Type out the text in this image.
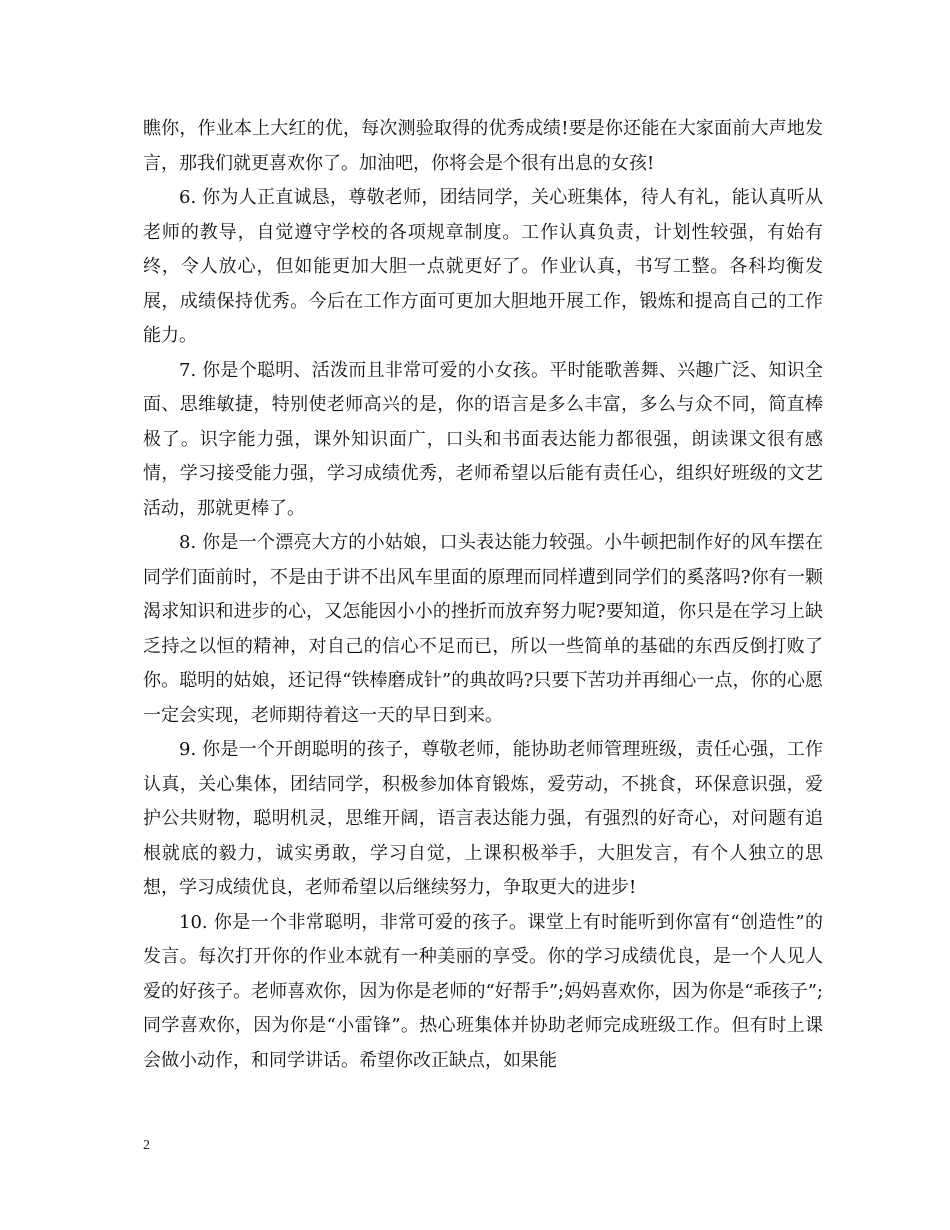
瞧你，作业本上大红的优，每次测验取得的优秀成绩!要是你还能在大家面前大声地发言，那我们就更喜欢你了。加油吧，你将会是个很有出息的女孩!

6. 你为人正直诚恳，尊敬老师，团结同学，关心班集体，待人有礼，能认真听从老师的教导，自觉遵守学校的各项规章制度。工作认真负责，计划性较强，有始有终，令人放心，但如能更加大胆一点就更好了。作业认真，书写工整。各科均衡发展，成绩保持优秀。今后在工作方面可更加大胆地开展工作，锻炼和提高自己的工作能力。

7. 你是个聪明、活泼而且非常可爱的小女孩。平时能歌善舞、兴趣广泛、知识全面、思维敏捷，特别使老师高兴的是，你的语言是多么丰富，多么与众不同，简直棒极了。识字能力强，课外知识面广，口头和书面表达能力都很强，朗读课文很有感情，学习接受能力强，学习成绩优秀，老师希望以后能有责任心，组织好班级的文艺活动，那就更棒了。

8. 你是一个漂亮大方的小姑娘，口头表达能力较强。小牛顿把制作好的风车摆在同学们面前时，不是由于讲不出风车里面的原理而同样遭到同学们的奚落吗?你有一颗渴求知识和进步的心，又怎能因小小的挫折而放弃努力呢?要知道，你只是在学习上缺乏持之以恒的精神，对自己的信心不足而已，所以一些简单的基础的东西反倒打败了你。聪明的姑娘，还记得“铁棒磨成针”的典故吗?只要下苦功并再细心一点，你的心愿一定会实现，老师期待着这一天的早日到来。

9. 你是一个开朗聪明的孩子，尊敬老师，能协助老师管理班级，责任心强，工作认真，关心集体，团结同学，积极参加体育锻炼，爱劳动，不挑食，环保意识强，爱护公共财物，聪明机灵，思维开阔，语言表达能力强，有强烈的好奇心，对问题有追根就底的毅力，诚实勇敢，学习自觉，上课积极举手，大胆发言，有个人独立的思想，学习成绩优良，老师希望以后继续努力，争取更大的进步!

10. 你是一个非常聪明，非常可爱的孩子。课堂上有时能听到你富有“创造性”的发言。每次打开你的作业本就有一种美丽的享受。你的学习成绩优良，是一个人见人爱的好孩子。老师喜欢你，因为你是老师的“好帮手”;妈妈喜欢你，因为你是“乖孩子”;同学喜欢你，因为你是“小雷锋”。热心班集体并协助老师完成班级工作。但有时上课会做小动作，和同学讲话。希望你改正缺点，如果能

2
